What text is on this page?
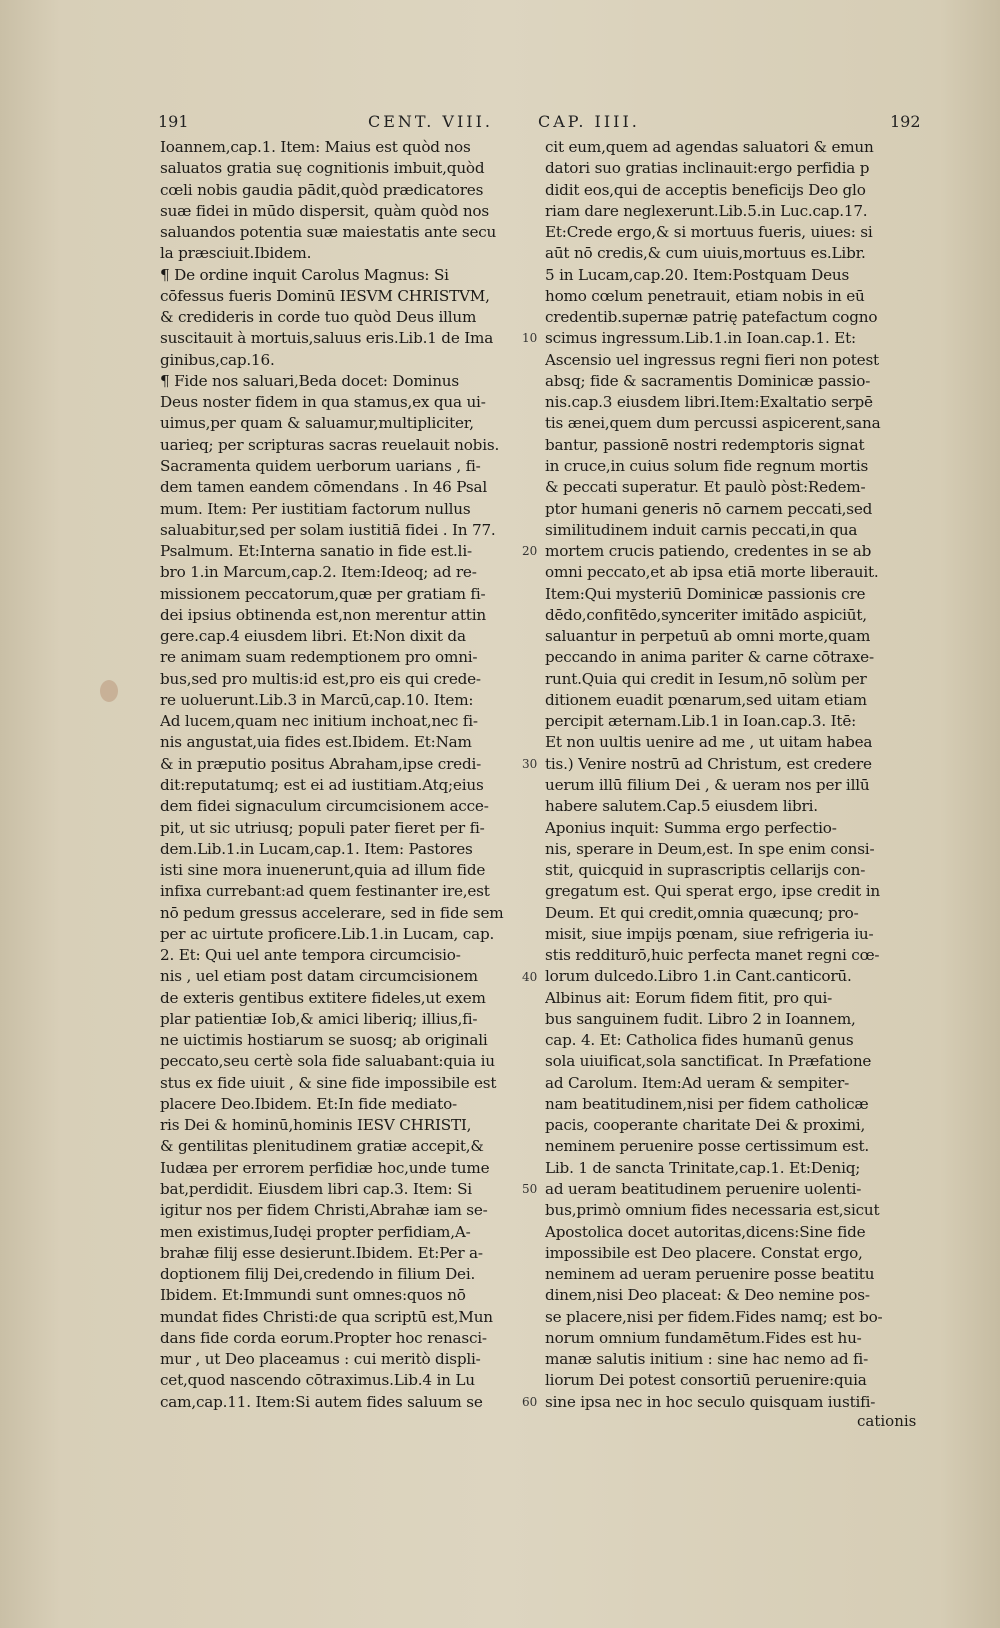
191	CENT. VIII.	CAP. IIII.	192
Ioannem,cap.1. Item: Maius est quòd nos
saluatos gratia suę cognitionis imbuit,quòd
cœli nobis gaudia pādit,quòd prædicatores
suæ fidei in mūdo dispersit, quàm quòd nos
saluandos potentia suæ maiestatis ante secu
la præsciuit.Ibidem.
¶ De ordine inquit Carolus Magnus: Si
cōfessus fueris Dominū IESVM CHRISTVM,
& credideris in corde tuo quòd Deus illum
suscitauit à mortuis,saluus eris.Lib.1 de Ima
ginibus,cap.16.
¶ Fide nos saluari,Beda docet: Dominus
Deus noster fidem in qua stamus,ex qua ui-
uimus,per quam & saluamur,multipliciter,
uarieq; per scripturas sacras reuelauit nobis.
Sacramenta quidem uerborum uarians , fi-
dem tamen eandem cōmendans . In 46 Psal
mum. Item: Per iustitiam factorum nullus
saluabitur,sed per solam iustitiā fidei . In 77.
Psalmum. Et:Interna sanatio in fide est.li-
bro 1.in Marcum,cap.2. Item:Ideoq; ad re-
missionem peccatorum,quæ per gratiam fi-
dei ipsius obtinenda est,non merentur attin
gere.cap.4 eiusdem libri. Et:Non dixit da
re animam suam redemptionem pro omni-
bus,sed pro multis:id est,pro eis qui crede-
re uoluerunt.Lib.3 in Marcū,cap.10. Item:
Ad lucem,quam nec initium inchoat,nec fi-
nis angustat,uia fides est.Ibidem. Et:Nam
& in præputio positus Abraham,ipse credi-
dit:reputatumq; est ei ad iustitiam.Atq;eius
dem fidei signaculum circumcisionem acce-
pit, ut sic utriusq; populi pater fieret per fi-
dem.Lib.1.in Lucam,cap.1. Item: Pastores
isti sine mora inuenerunt,quia ad illum fide
infixa currebant:ad quem festinanter ire,est
nō pedum gressus accelerare, sed in fide sem
per ac uirtute proficere.Lib.1.in Lucam, cap.
2. Et: Qui uel ante tempora circumcisio-
nis , uel etiam post datam circumcisionem
de exteris gentibus extitere fideles,ut exem
plar patientiæ Iob,& amici liberiq; illius,fi-
ne uictimis hostiarum se suosq; ab originali
peccato,seu certè sola fide saluabant:quia iu
stus ex fide uiuit , & sine fide impossibile est
placere Deo.Ibidem. Et:In fide mediato-
ris Dei & hominū,hominis IESV CHRISTI,
& gentilitas plenitudinem gratiæ accepit,&
Iudæa per errorem perfidiæ hoc,unde tume
bat,perdidit. Eiusdem libri cap.3. Item: Si
igitur nos per fidem Christi,Abrahæ iam se-
men existimus,Iudęi propter perfidiam,A-
brahæ filij esse desierunt.Ibidem. Et:Per a-
doptionem filij Dei,credendo in filium Dei.
Ibidem. Et:Immundi sunt omnes:quos nō
mundat fides Christi:de qua scriptū est,Mun
dans fide corda eorum.Propter hoc renasci-
mur , ut Deo placeamus : cui meritò displi-
cet,quod nascendo cōtraximus.Lib.4 in Lu
cam,cap.11. Item:Si autem fides saluum se
10
20
30
40
50
60
cit eum,quem ad agendas saluatori & emun
datori suo gratias inclinauit:ergo perfidia p
didit eos,qui de acceptis beneficijs Deo glo
riam dare neglexerunt.Lib.5.in Luc.cap.17.
Et:Crede ergo,& si mortuus fueris, uiues: si
aūt nō credis,& cum uiuis,mortuus es.Libr.
5 in Lucam,cap.20. Item:Postquam Deus
homo cœlum penetrauit, etiam nobis in eū
credentib.supernæ patrię patefactum cogno
scimus ingressum.Lib.1.in Ioan.cap.1. Et:
Ascensio uel ingressus regni fieri non potest
absq; fide & sacramentis Dominicæ passio-
nis.cap.3 eiusdem libri.Item:Exaltatio serpē
tis ænei,quem dum percussi aspicerent,sana
bantur, passionē nostri redemptoris signat
in cruce,in cuius solum fide regnum mortis
& peccati superatur. Et paulò pòst:Redem-
ptor humani generis nō carnem peccati,sed
similitudinem induit carnis peccati,in qua
mortem crucis patiendo, credentes in se ab
omni peccato,et ab ipsa etiā morte liberauit.
Item:Qui mysteriū Dominicæ passionis cre
dēdo,confitēdo,synceriter imitādo aspiciūt,
saluantur in perpetuū ab omni morte,quam
peccando in anima pariter & carne cōtraxe-
runt.Quia qui credit in Iesum,nō solùm per
ditionem euadit pœnarum,sed uitam etiam
percipit æternam.Lib.1 in Ioan.cap.3. Itē:
Et non uultis uenire ad me , ut uitam habea
tis.) Venire nostrū ad Christum, est credere
uerum illū filium Dei , & ueram nos per illū
habere salutem.Cap.5 eiusdem libri.
Aponius inquit: Summa ergo perfectio-
nis, sperare in Deum,est. In spe enim consi-
stit, quicquid in suprascriptis cellarijs con-
gregatum est. Qui sperat ergo, ipse credit in
Deum. Et qui credit,omnia quæcunq; pro-
misit, siue impijs pœnam, siue refrigeria iu-
stis redditurō,huic perfecta manet regni cœ-
lorum dulcedo.Libro 1.in Cant.canticorū.
Albinus ait: Eorum fidem fitit, pro qui-
bus sanguinem fudit. Libro 2 in Ioannem,
cap. 4. Et: Catholica fides humanū genus
sola uiuificat,sola sanctificat. In Præfatione
ad Carolum. Item:Ad ueram & sempiter-
nam beatitudinem,nisi per fidem catholicæ
pacis, cooperante charitate Dei & proximi,
neminem peruenire posse certissimum est.
Lib. 1 de sancta Trinitate,cap.1. Et:Deniq;
ad ueram beatitudinem peruenire uolenti-
bus,primò omnium fides necessaria est,sicut
Apostolica docet autoritas,dicens:Sine fide
impossibile est Deo placere. Constat ergo,
neminem ad ueram peruenire posse beatitu
dinem,nisi Deo placeat: & Deo nemine pos-
se placere,nisi per fidem.Fides namq; est bo-
norum omnium fundamētum.Fides est hu-
manæ salutis initium : sine hac nemo ad fi-
liorum Dei potest consortiū peruenire:quia
sine ipsa nec in hoc seculo quisquam iustifi-
cationis
